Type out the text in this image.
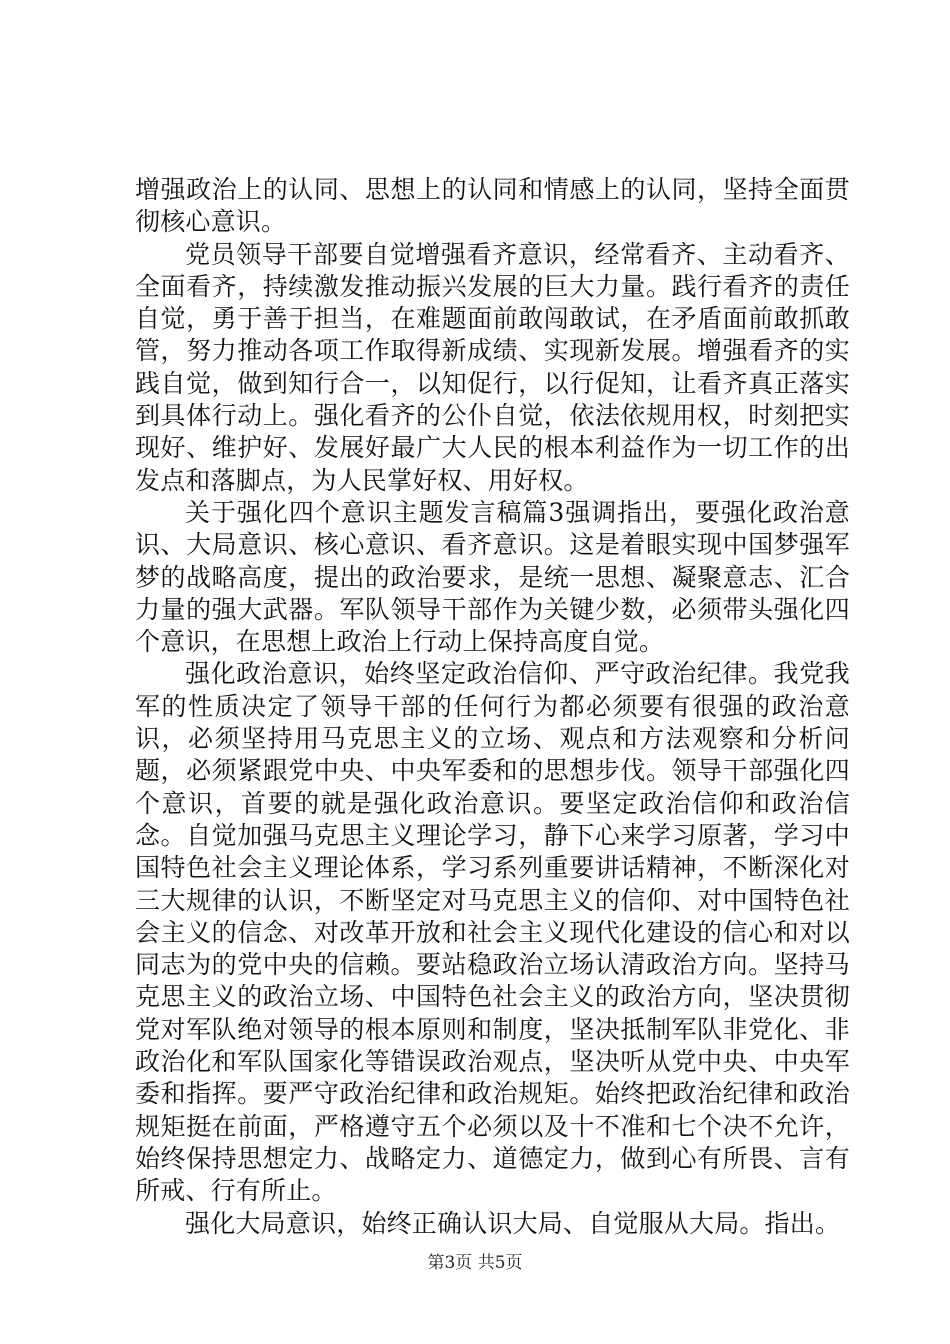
增强政治上的认同、思想上的认同和情感上的认同，坚持全面贯彻核心意识。

党员领导干部要自觉增强看齐意识，经常看齐、主动看齐、全面看齐，持续激发推动振兴发展的巨大力量。践行看齐的责任自觉，勇于善于担当，在难题面前敢闯敢试，在矛盾面前敢抓敢管，努力推动各项工作取得新成绩、实现新发展。增强看齐的实践自觉，做到知行合一，以知促行，以行促知，让看齐真正落实到具体行动上。强化看齐的公仆自觉，依法依规用权，时刻把实现好、维护好、发展好最广大人民的根本利益作为一切工作的出发点和落脚点，为人民掌好权、用好权。

关于强化四个意识主题发言稿篇3强调指出，要强化政治意识、大局意识、核心意识、看齐意识。这是着眼实现中国梦强军梦的战略高度，提出的政治要求，是统一思想、凝聚意志、汇合力量的强大武器。军队领导干部作为关键少数，必须带头强化四个意识，在思想上政治上行动上保持高度自觉。

强化政治意识，始终坚定政治信仰、严守政治纪律。我党我军的性质决定了领导干部的任何行为都必须要有很强的政治意识，必须坚持用马克思主义的立场、观点和方法观察和分析问题，必须紧跟党中央、中央军委和的思想步伐。领导干部强化四个意识，首要的就是强化政治意识。要坚定政治信仰和政治信念。自觉加强马克思主义理论学习，静下心来学习原著，学习中国特色社会主义理论体系，学习系列重要讲话精神，不断深化对三大规律的认识，不断坚定对马克思主义的信仰、对中国特色社会主义的信念、对改革开放和社会主义现代化建设的信心和对以同志为的党中央的信赖。要站稳政治立场认清政治方向。坚持马克思主义的政治立场、中国特色社会主义的政治方向，坚决贯彻党对军队绝对领导的根本原则和制度，坚决抵制军队非党化、非政治化和军队国家化等错误政治观点，坚决听从党中央、中央军委和指挥。要严守政治纪律和政治规矩。始终把政治纪律和政治规矩挺在前面，严格遵守五个必须以及十不准和七个决不允许，始终保持思想定力、战略定力、道德定力，做到心有所畏、言有所戒、行有所止。

强化大局意识，始终正确认识大局、自觉服从大局。指出。

第3页 共5页
